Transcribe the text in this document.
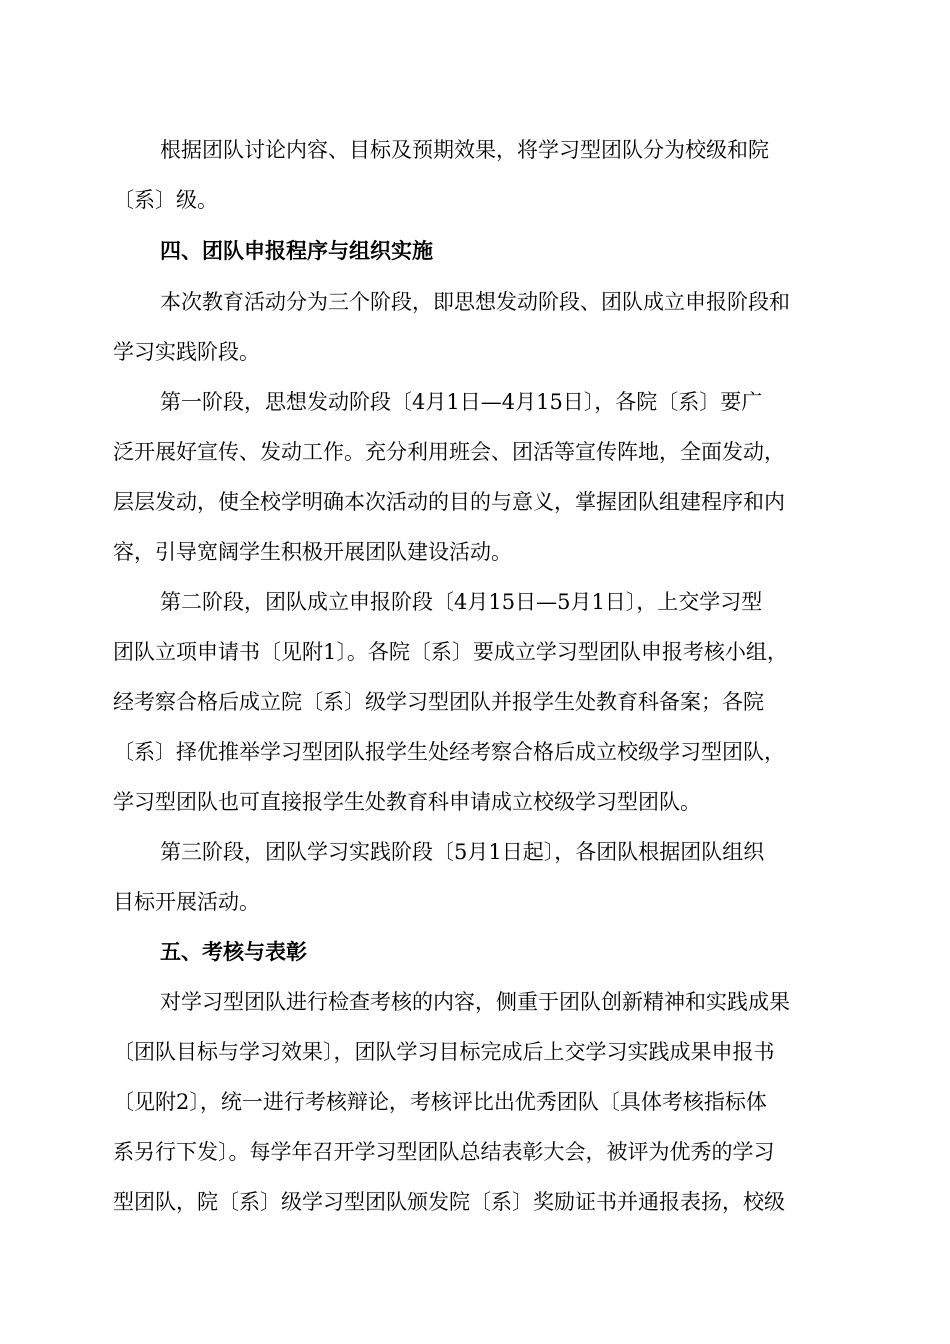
根据团队讨论内容、目标及预期效果，将学习型团队分为校级和院
〔系〕级。
四、团队申报程序与组织实施
本次教育活动分为三个阶段，即思想发动阶段、团队成立申报阶段和
学习实践阶段。
第一阶段，思想发动阶段〔4月1日—4月15日〕，各院〔系〕要广
泛开展好宣传、发动工作。充分利用班会、团活等宣传阵地，全面发动，
层层发动，使全校学明确本次活动的目的与意义，掌握团队组建程序和内
容，引导宽阔学生积极开展团队建设活动。
第二阶段，团队成立申报阶段〔4月15日—5月1日〕，上交学习型
团队立项申请书〔见附1〕。各院〔系〕要成立学习型团队申报考核小组，
经考察合格后成立院〔系〕级学习型团队并报学生处教育科备案；各院
〔系〕择优推举学习型团队报学生处经考察合格后成立校级学习型团队，
学习型团队也可直接报学生处教育科申请成立校级学习型团队。
第三阶段，团队学习实践阶段〔5月1日起〕，各团队根据团队组织
目标开展活动。
五、考核与表彰
对学习型团队进行检查考核的内容，侧重于团队创新精神和实践成果
〔团队目标与学习效果〕，团队学习目标完成后上交学习实践成果申报书
〔见附2〕，统一进行考核辩论，考核评比出优秀团队〔具体考核指标体
系另行下发〕。每学年召开学习型团队总结表彰大会，被评为优秀的学习
型团队，院〔系〕级学习型团队颁发院〔系〕奖励证书并通报表扬，校级
